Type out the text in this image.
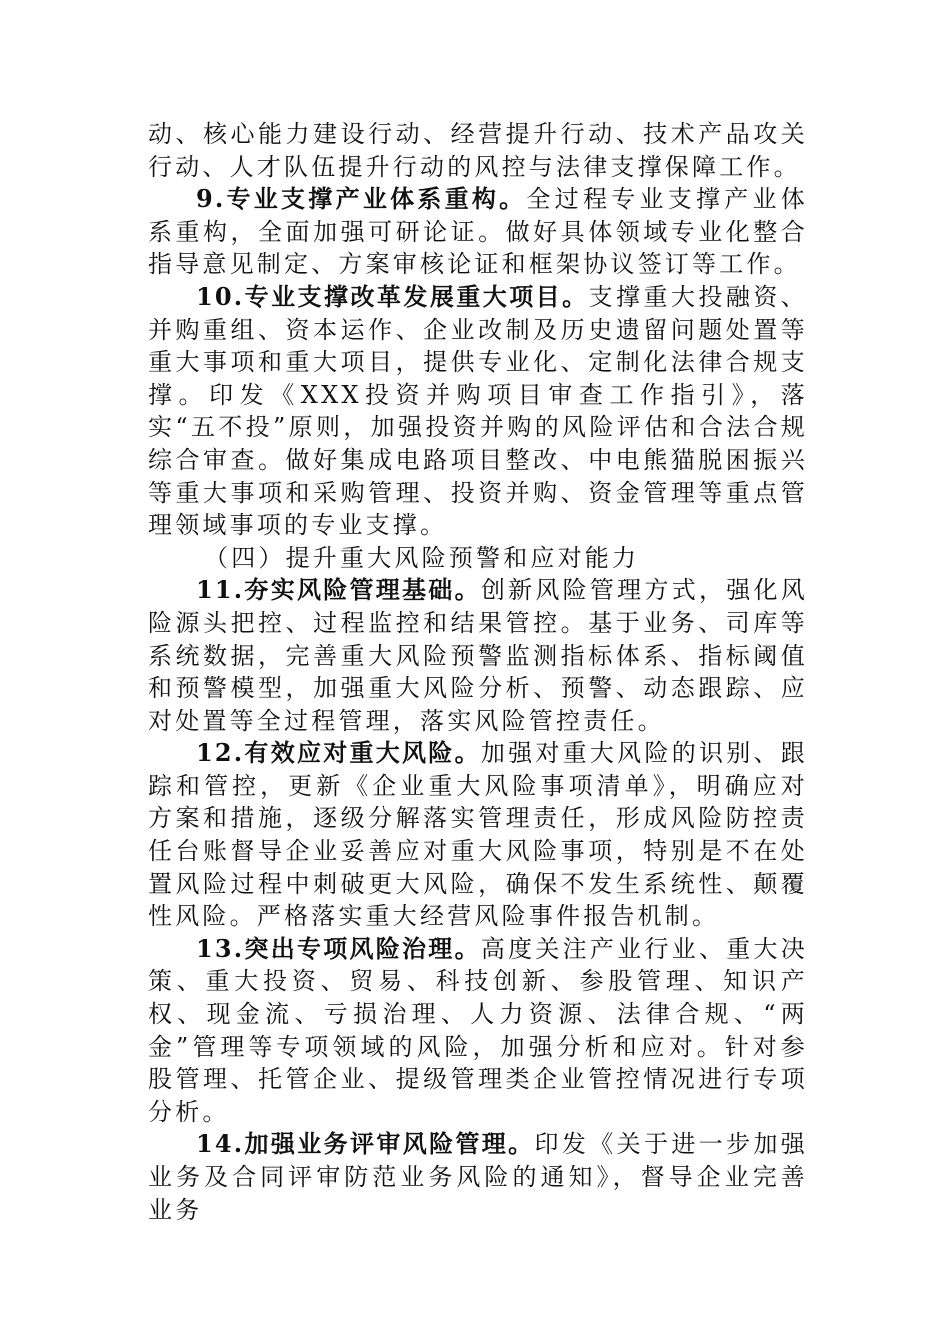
动、核心能力建设行动、经营提升行动、技术产品攻关行动、人才队伍提升行动的风控与法律支撑保障工作。

9.专业支撑产业体系重构。全过程专业支撑产业体系重构，全面加强可研论证。做好具体领域专业化整合指导意见制定、方案审核论证和框架协议签订等工作。

10.专业支撑改革发展重大项目。支撑重大投融资、并购重组、资本运作、企业改制及历史遗留问题处置等重大事项和重大项目，提供专业化、定制化法律合规支撑。印发《XXX投资并购项目审查工作指引》，落实“五不投”原则，加强投资并购的风险评估和合法合规综合审查。做好集成电路项目整改、中电熊猫脱困振兴等重大事项和采购管理、投资并购、资金管理等重点管理领域事项的专业支撑。

（四）提升重大风险预警和应对能力

11.夯实风险管理基础。创新风险管理方式，强化风险源头把控、过程监控和结果管控。基于业务、司库等系统数据，完善重大风险预警监测指标体系、指标阈值和预警模型，加强重大风险分析、预警、动态跟踪、应对处置等全过程管理，落实风险管控责任。

12.有效应对重大风险。加强对重大风险的识别、跟踪和管控，更新《企业重大风险事项清单》，明确应对方案和措施，逐级分解落实管理责任，形成风险防控责任台账督导企业妥善应对重大风险事项，特别是不在处置风险过程中刺破更大风险，确保不发生系统性、颠覆性风险。严格落实重大经营风险事件报告机制。

13.突出专项风险治理。高度关注产业行业、重大决策、重大投资、贸易、科技创新、参股管理、知识产权、现金流、亏损治理、人力资源、法律合规、“两金”管理等专项领域的风险，加强分析和应对。针对参股管理、托管企业、提级管理类企业管控情况进行专项分析。

14.加强业务评审风险管理。印发《关于进一步加强业务及合同评审防范业务风险的通知》，督导企业完善业务
